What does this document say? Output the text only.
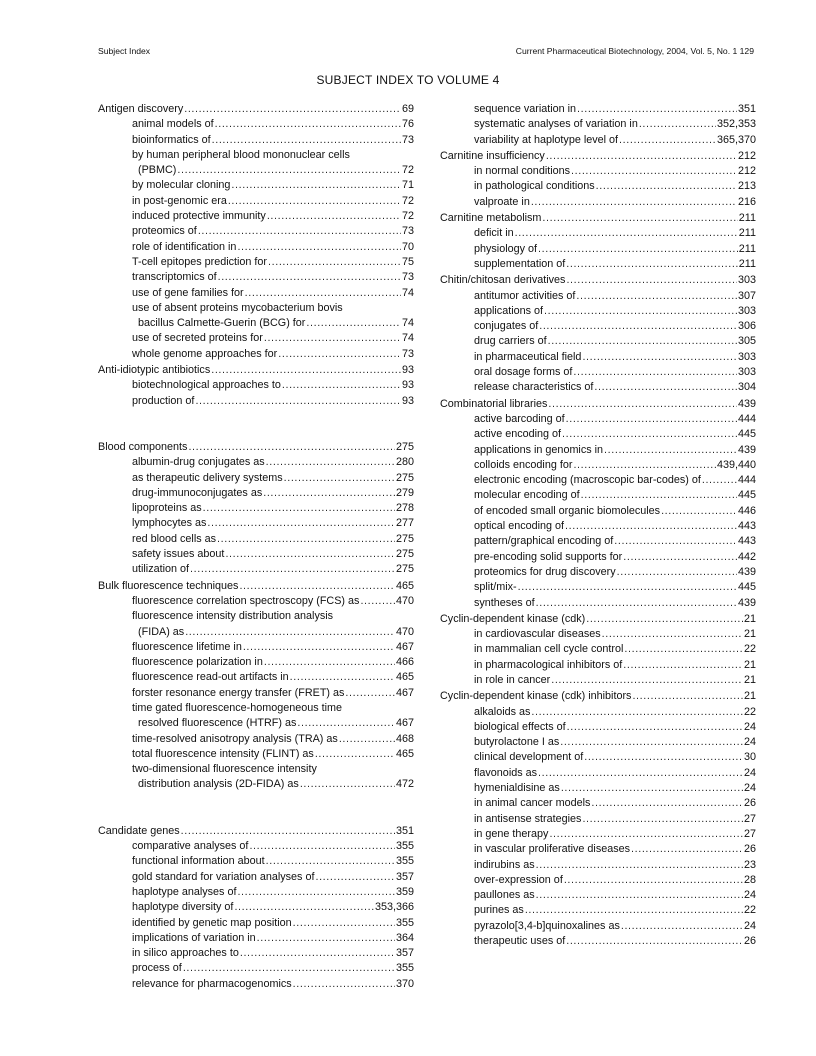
Subject Index	Current Pharmaceutical Biotechnology, 2004, Vol. 5, No. 1 129
SUBJECT INDEX TO VOLUME 4
Antigen discovery .....	69
animal models of .....	76
bioinformatics of .....	73
by human peripheral blood mononuclear cells
(PBMC) .....	72
by molecular cloning .....	71
in post-genomic era .....	72
induced protective immunity .....	72
proteomics of .....	73
role of identification in .....	70
T-cell epitopes prediction for .....	75
transcriptomics of .....	73
use of gene families for .....	74
use of absent proteins mycobacterium bovis
bacillus Calmette-Guerin (BCG) for .....	74
use of secreted proteins for .....	74
whole genome approaches for .....	73
Anti-idiotypic antibiotics .....	93
biotechnological approaches to .....	93
production of .....	93
Blood components .....	275
albumin-drug conjugates as .....	280
as therapeutic delivery systems .....	275
drug-immunoconjugates as .....	279
lipoproteins as .....	278
lymphocytes as .....	277
red blood cells as .....	275
safety issues about .....	275
utilization of .....	275
Bulk fluorescence techniques .....	465
fluorescence correlation spectroscopy (FCS) as .....	470
fluorescence intensity distribution analysis
(FIDA) as .....	470
fluorescence lifetime in .....	467
fluorescence polarization in .....	466
fluorescence read-out artifacts in .....	465
forster resonance energy transfer (FRET) as .....	467
time gated fluorescence-homogeneous time
resolved fluorescence (HTRF) as .....	467
time-resolved anisotropy analysis (TRA) as .....	468
total fluorescence intensity (FLINT) as .....	465
two-dimensional fluorescence intensity
distribution analysis (2D-FIDA) as .....	472
Candidate genes .....	351
comparative analyses of .....	355
functional information about .....	355
gold standard for variation analyses of .....	357
haplotype analyses of .....	359
haplotype diversity of .....	353,366
identified by genetic map position .....	355
implications of variation in .....	364
in silico approaches to .....	357
process of .....	355
relevance for pharmacogenomics .....	370
sequence variation in .....	351
systematic analyses of variation in .....	352,353
variability at haplotype level of .....	365,370
Carnitine insufficiency .....	212
in normal conditions .....	212
in pathological conditions .....	213
valproate in .....	216
Carnitine metabolism .....	211
deficit in .....	211
physiology of .....	211
supplementation of .....	211
Chitin/chitosan derivatives .....	303
antitumor activities of .....	307
applications of .....	303
conjugates of .....	306
drug carriers of .....	305
in pharmaceutical field .....	303
oral dosage forms of .....	303
release characteristics of .....	304
Combinatorial libraries .....	439
active barcoding of .....	444
active encoding of .....	445
applications in genomics in .....	439
colloids encoding for .....	439,440
electronic encoding (macroscopic bar-codes) of .....	444
molecular encoding of .....	445
of encoded small organic biomolecules .....	446
optical encoding of .....	443
pattern/graphical encoding of .....	443
pre-encoding solid supports for .....	442
proteomics for drug discovery .....	439
split/mix- .....	445
syntheses of .....	439
Cyclin-dependent kinase (cdk) .....	21
in cardiovascular diseases .....	21
in mammalian cell cycle control .....	22
in pharmacological inhibitors of .....	21
in role in cancer .....	21
Cyclin-dependent kinase (cdk) inhibitors .....	21
alkaloids as .....	22
biological effects of .....	24
butyrolactone I as .....	24
clinical development of .....	30
flavonoids as .....	24
hymenialdisine as .....	24
in animal cancer models .....	26
in antisense strategies .....	27
in gene therapy .....	27
in vascular proliferative diseases .....	26
indirubins as .....	23
over-expression of .....	28
paullones as .....	24
purines as .....	22
pyrazolo[3,4-b]quinoxalines as .....	24
therapeutic uses of .....	26
